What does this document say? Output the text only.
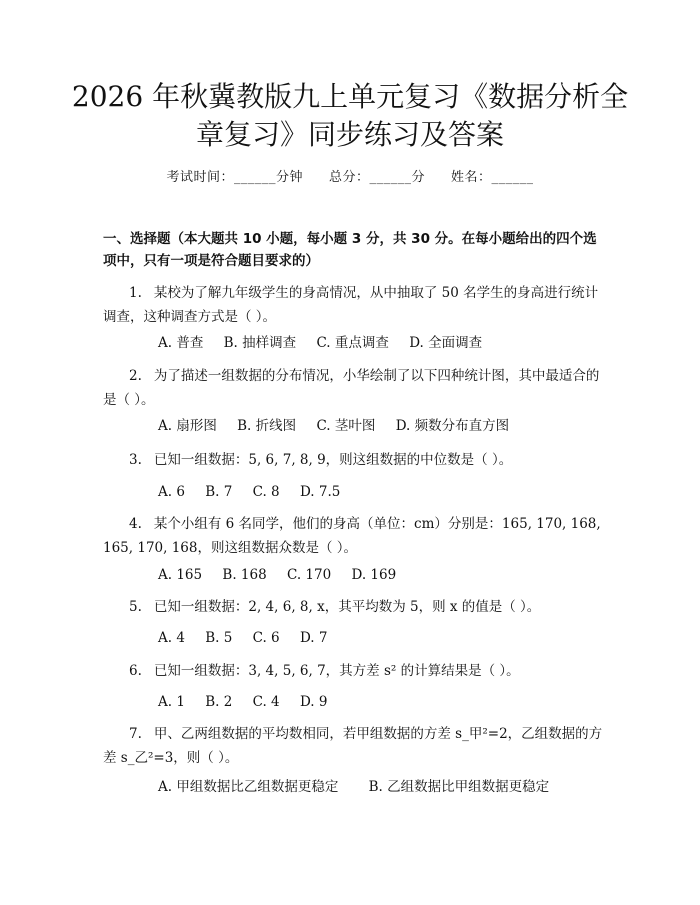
2026 年秋冀教版九上单元复习《数据分析全
章复习》同步练习及答案
考试时间：______分钟 总分：______分 姓名：______

一、选择题（本大题共 10 小题，每小题 3 分，共 30 分。在每小题给出的四个选项中，只有一项是符合题目要求的）

1. 某校为了解九年级学生的身高情况，从中抽取了 50 名学生的身高进行统计调查，这种调查方式是（ ）。
A. 普查 B. 抽样调查 C. 重点调查 D. 全面调查
2. 为了描述一组数据的分布情况，小华绘制了以下四种统计图，其中最适合的是（ ）。
A. 扇形图 B. 折线图 C. 茎叶图 D. 频数分布直方图
3. 已知一组数据：5, 6, 7, 8, 9，则这组数据的中位数是（ ）。
A. 6 B. 7 C. 8 D. 7.5
4. 某个小组有 6 名同学，他们的身高（单位：cm）分别是：165, 170, 168, 165, 170, 168，则这组数据众数是（ ）。
A. 165 B. 168 C. 170 D. 169
5. 已知一组数据：2, 4, 6, 8, x，其平均数为 5，则 x 的值是（ ）。
A. 4 B. 5 C. 6 D. 7
6. 已知一组数据：3, 4, 5, 6, 7，其方差 s² 的计算结果是（ ）。
A. 1 B. 2 C. 4 D. 9
7. 甲、乙两组数据的平均数相同，若甲组数据的方差 s_甲²=2，乙组数据的方差 s_乙²=3，则（ ）。
A. 甲组数据比乙组数据更稳定 B. 乙组数据比甲组数据更稳定
